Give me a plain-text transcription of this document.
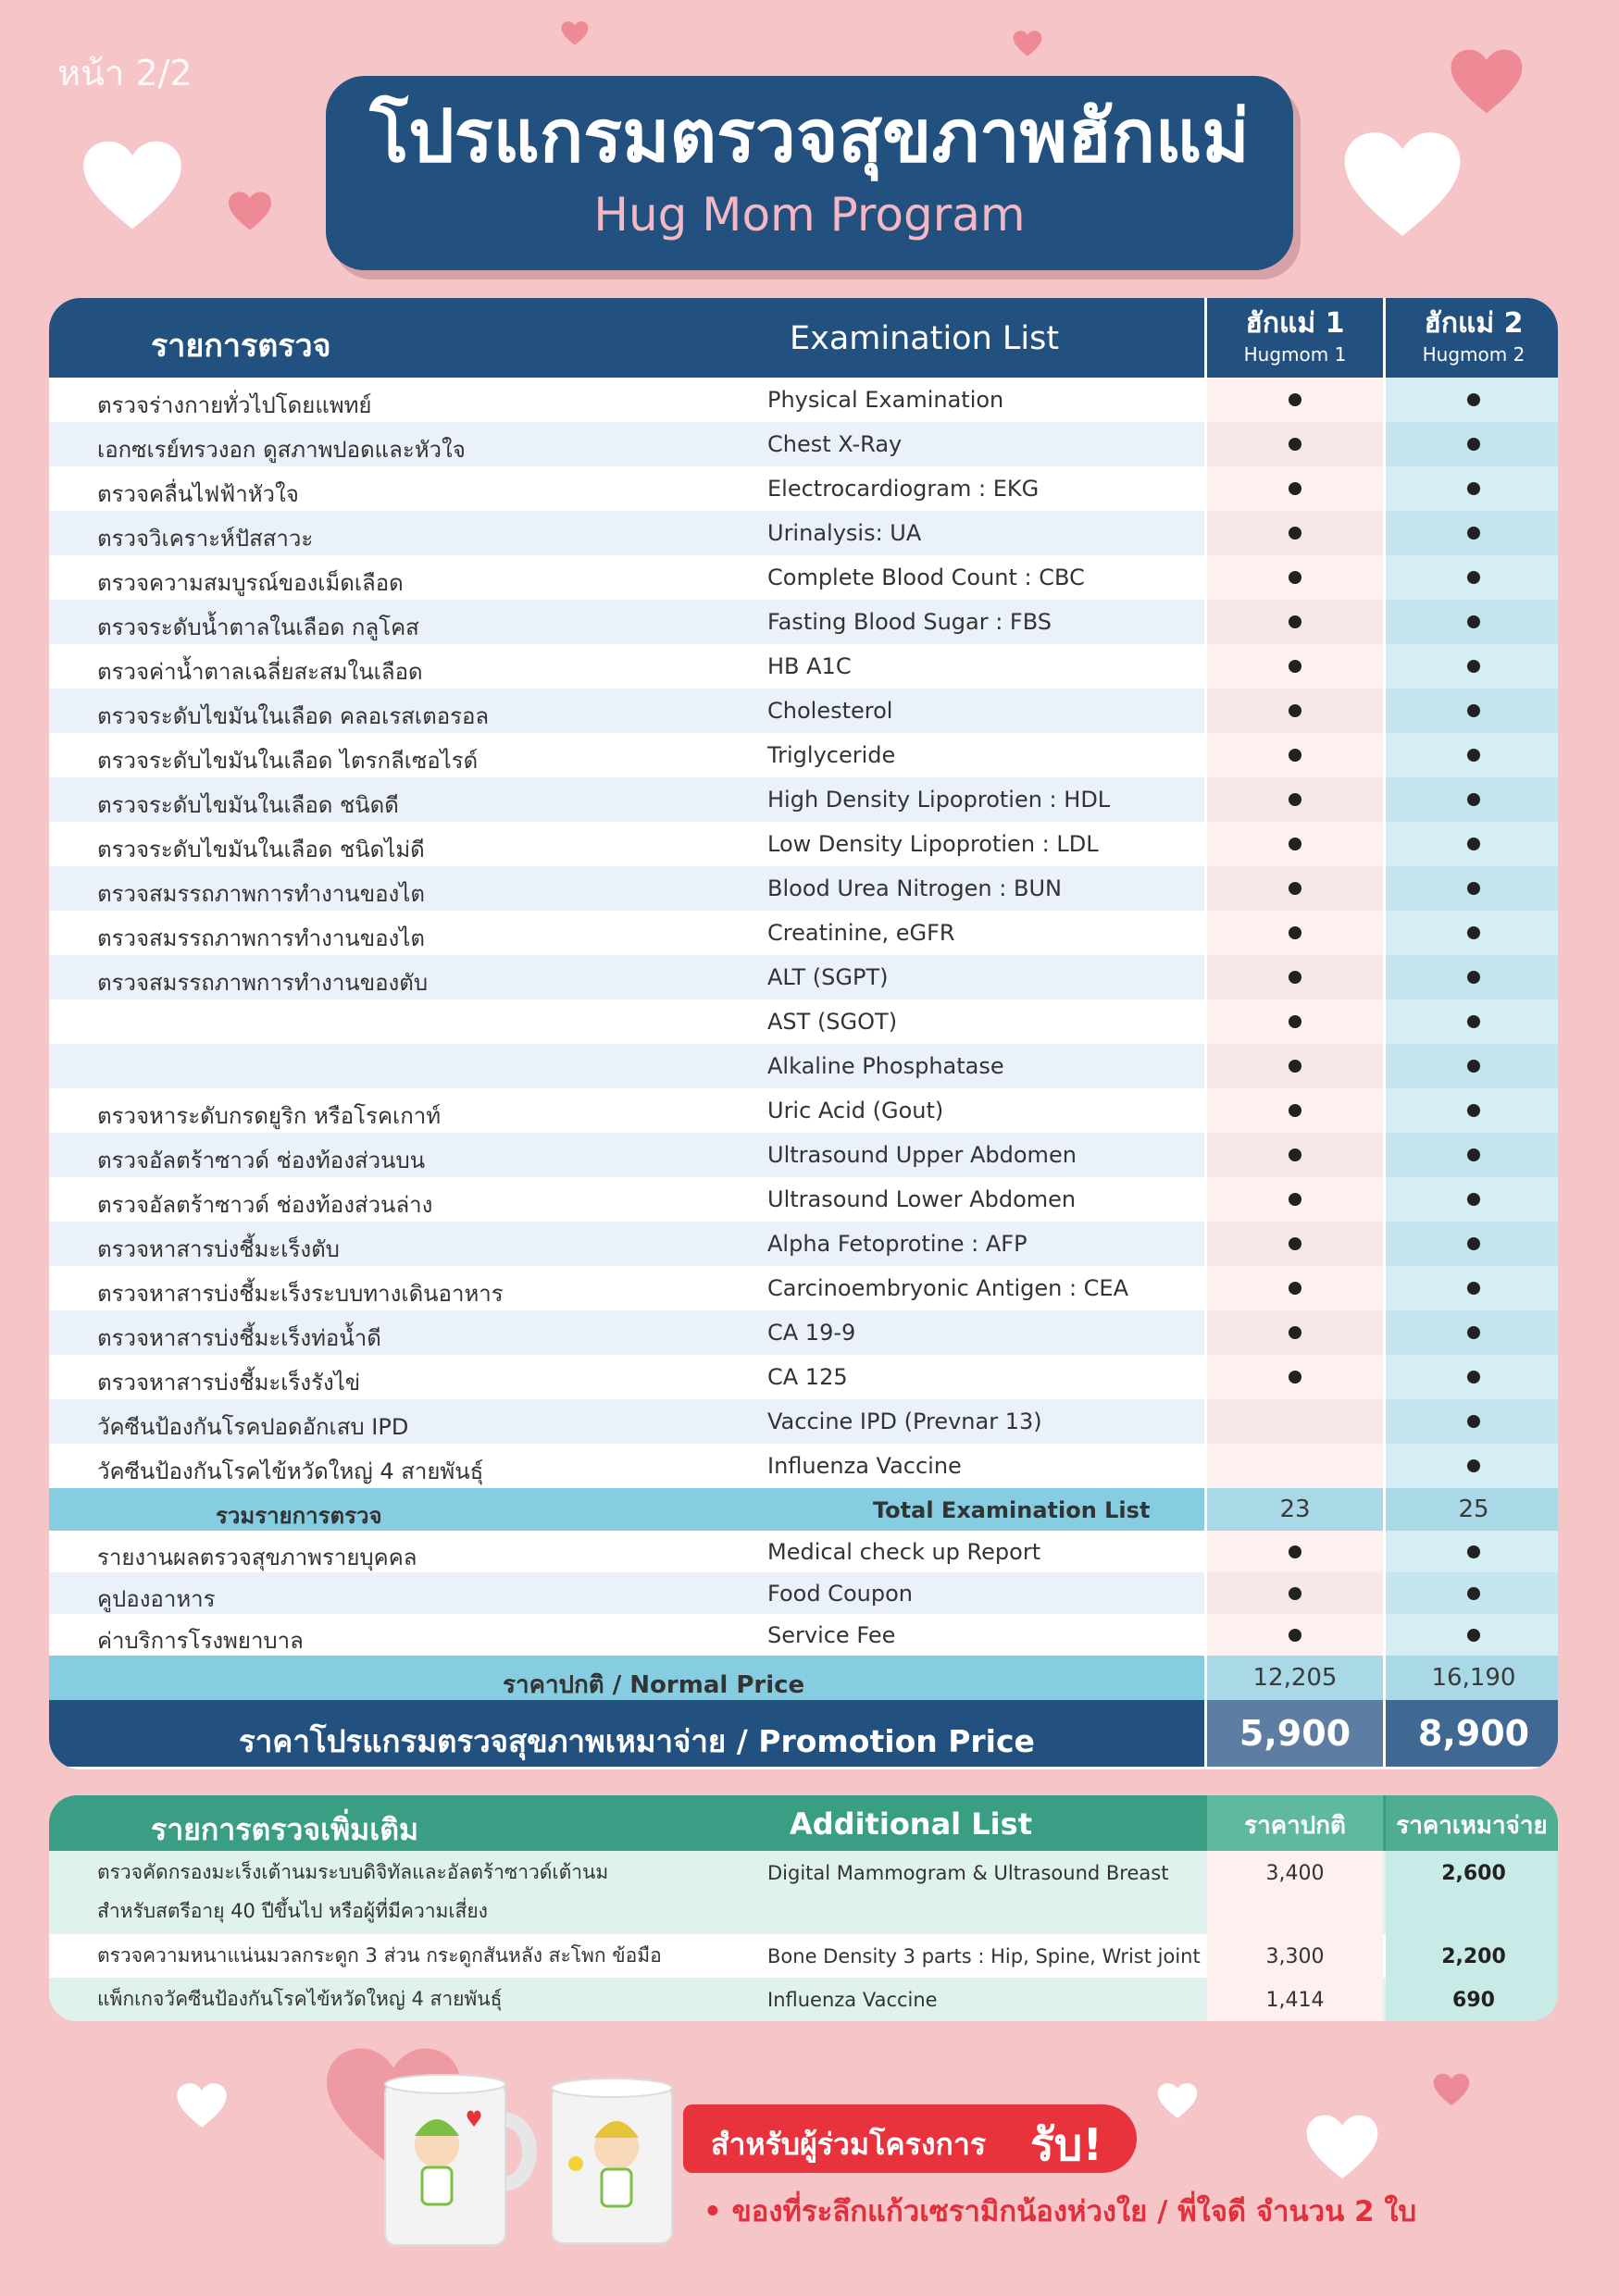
หน้า 2/2
โปรแกรมตรวจสุขภาพฮักแม่
Hug Mom Program
รายการตรวจ	Examination List	ฮักแม่ 1
Hugmom 1
ฮักแม่ 2
Hugmom 2
ตรวจร่างกายทั่วไปโดยแพทย์	Physical Examination
เอกซเรย์ทรวงอก ดูสภาพปอดและหัวใจ	Chest X-Ray
ตรวจคลื่นไฟฟ้าหัวใจ	Electrocardiogram : EKG
ตรวจวิเคราะห์ปัสสาวะ	Urinalysis: UA
ตรวจความสมบูรณ์ของเม็ดเลือด	Complete Blood Count : CBC
ตรวจระดับน้ำตาลในเลือด กลูโคส	Fasting Blood Sugar : FBS
ตรวจค่าน้ำตาลเฉลี่ยสะสมในเลือด	HB A1C
ตรวจระดับไขมันในเลือด คลอเรสเตอรอล	Cholesterol
ตรวจระดับไขมันในเลือด ไตรกลีเซอไรด์	Triglyceride
ตรวจระดับไขมันในเลือด ชนิดดี	High Density Lipoprotien : HDL
ตรวจระดับไขมันในเลือด ชนิดไม่ดี	Low Density Lipoprotien : LDL
ตรวจสมรรถภาพการทำงานของไต	Blood Urea Nitrogen : BUN
ตรวจสมรรถภาพการทำงานของไต	Creatinine, eGFR
ตรวจสมรรถภาพการทำงานของตับ	ALT (SGPT)
AST (SGOT)
Alkaline Phosphatase
ตรวจหาระดับกรดยูริก หรือโรคเกาท์	Uric Acid (Gout)
ตรวจอัลตร้าซาวด์ ช่องท้องส่วนบน	Ultrasound Upper Abdomen
ตรวจอัลตร้าซาวด์ ช่องท้องส่วนล่าง	Ultrasound Lower Abdomen
ตรวจหาสารบ่งชี้มะเร็งตับ	Alpha Fetoprotine : AFP
ตรวจหาสารบ่งชี้มะเร็งระบบทางเดินอาหาร	Carcinoembryonic Antigen : CEA
ตรวจหาสารบ่งชี้มะเร็งท่อน้ำดี	CA 19-9
ตรวจหาสารบ่งชี้มะเร็งรังไข่	CA 125
วัคซีนป้องกันโรคปอดอักเสบ IPD	Vaccine IPD (Prevnar 13)
วัคซีนป้องกันโรคไข้หวัดใหญ่ 4 สายพันธุ์	Influenza Vaccine
รวมรายการตรวจ	Total Examination List	23	25
รายงานผลตรวจสุขภาพรายบุคคล	Medical check up Report
คูปองอาหาร	Food Coupon
ค่าบริการโรงพยาบาล	Service Fee
ราคาปกติ / Normal Price	12,205	16,190
ราคาโปรแกรมตรวจสุขภาพเหมาจ่าย / Promotion Price	5,900	8,900
รายการตรวจเพิ่มเติม	Additional List	ราคาปกติ	ราคาเหมาจ่าย
ตรวจคัดกรองมะเร็งเต้านมระบบดิจิทัลและอัลตร้าซาวด์เต้านม
สำหรับสตรีอายุ 40 ปีขึ้นไป หรือผู้ที่มีความเสี่ยง
Digital Mammogram & Ultrasound Breast	3,400	2,600
ตรวจความหนาแน่นมวลกระดูก 3 ส่วน กระดูกสันหลัง สะโพก ข้อมือ	Bone Density 3 parts : Hip, Spine, Wrist joint	3,300	2,200
แพ็กเกจวัคซีนป้องกันโรคไข้หวัดใหญ่ 4 สายพันธุ์	Influenza Vaccine	1,414	690
สำหรับผู้ร่วมโครงการ รับ!
• ของที่ระลึกแก้วเซรามิกน้องห่วงใย / พี่ใจดี จำนวน 2 ใบ
